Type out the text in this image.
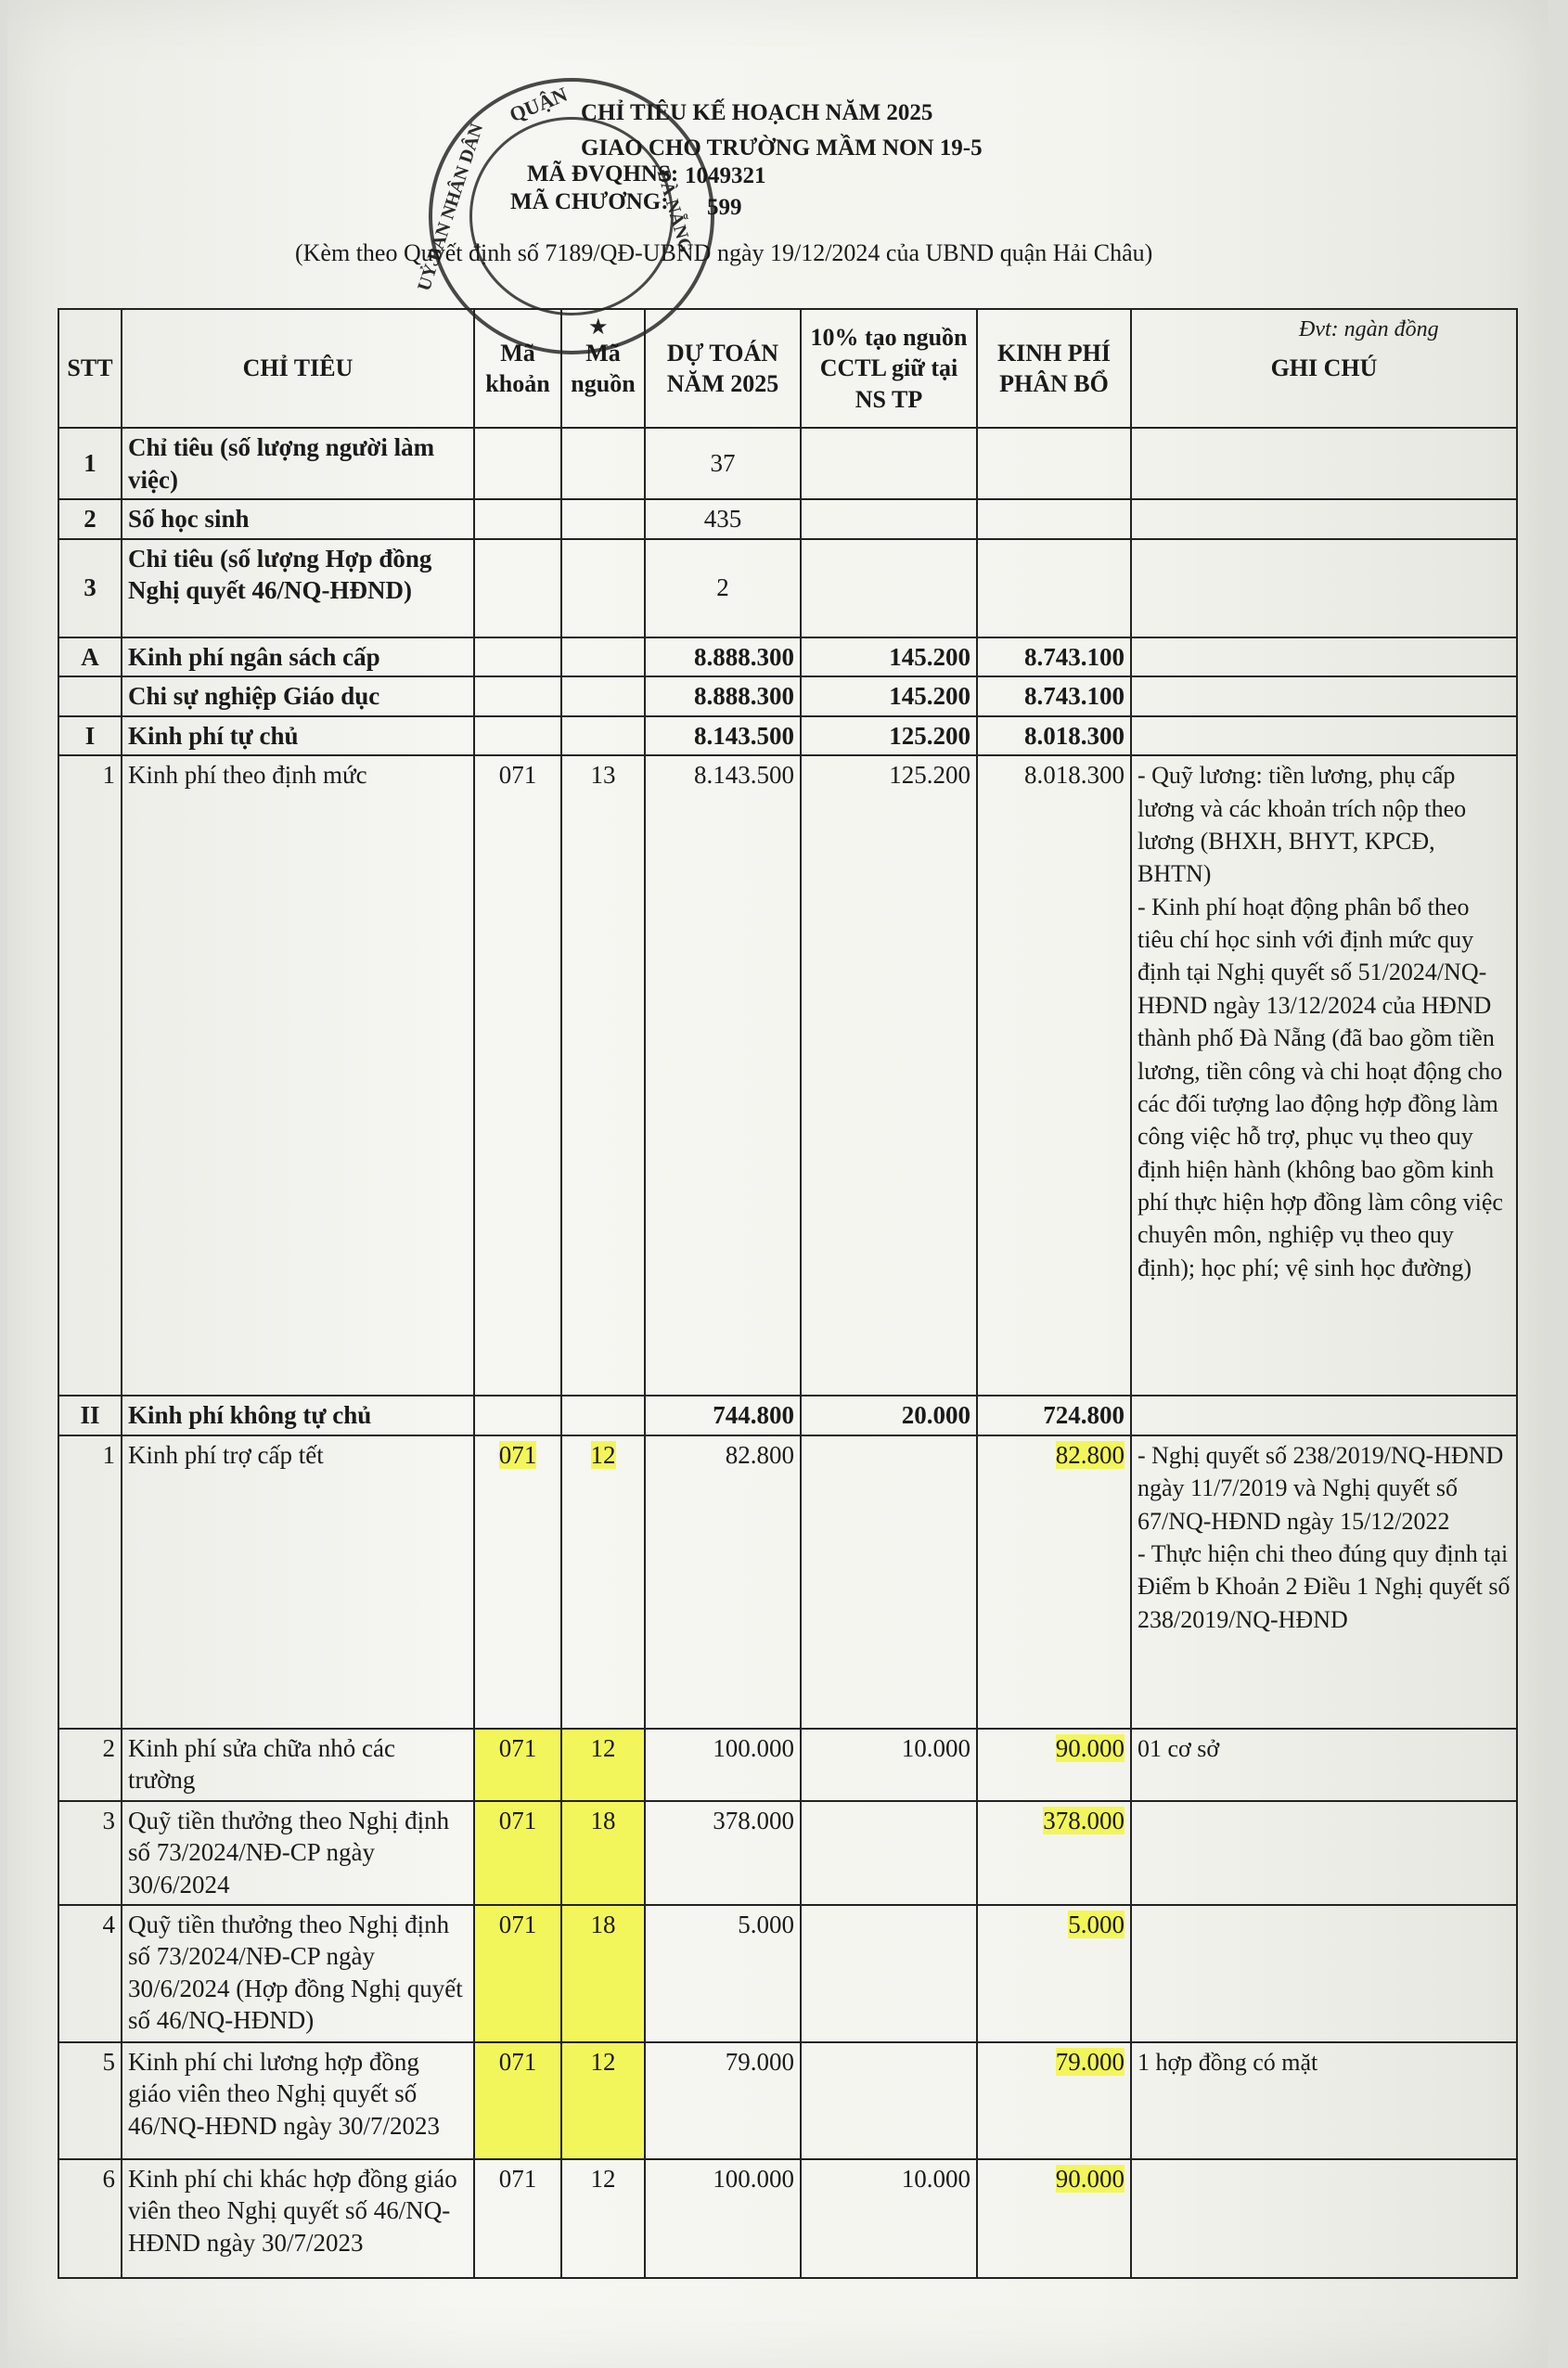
QUẬN
UỶ BAN NHÂN DÂN	ĐÀ NẴNG
★
CHỈ TIÊU KẾ HOẠCH NĂM 2025
GIAO CHO TRƯỜNG MẦM NON 19-5
MÃ ĐVQHNS: 1049321
MÃ CHƯƠNG: 599
(Kèm theo Quyết định số 7189/QĐ-UBND ngày 19/12/2024 của UBND quận Hải Châu)
Đvt: ngàn đồng
STT	CHỈ TIÊU	Mã khoản	Mã nguồn	DỰ TOÁN NĂM 2025	10% tạo nguồn CCTL giữ tại NS TP	KINH PHÍ PHÂN BỔ	GHI CHÚ
1	Chỉ tiêu (số lượng người làm việc)			37			
2	Số học sinh			435			
3	Chỉ tiêu (số lượng Hợp đồng Nghị quyết 46/NQ-HĐND)			2			
A	Kinh phí ngân sách cấp			8.888.300	145.200	8.743.100	
	Chi sự nghiệp Giáo dục			8.888.300	145.200	8.743.100	
I	Kinh phí tự chủ			8.143.500	125.200	8.018.300	
1	Kinh phí theo định mức	071	13	8.143.500	125.200	8.018.300	- Quỹ lương: tiền lương, phụ cấp lương và các khoản trích nộp theo lương (BHXH, BHYT, KPCĐ, BHTN)
- Kinh phí hoạt động phân bổ theo tiêu chí học sinh với định mức quy định tại Nghị quyết số 51/2024/NQ-HĐND ngày 13/12/2024 của HĐND thành phố Đà Nẵng (đã bao gồm tiền lương, tiền công và chi hoạt động cho các đối tượng lao động hợp đồng làm công việc hỗ trợ, phục vụ theo quy định hiện hành (không bao gồm kinh phí thực hiện hợp đồng làm công việc chuyên môn, nghiệp vụ theo quy định); học phí; vệ sinh học đường)
II	Kinh phí không tự chủ			744.800	20.000	724.800	
1	Kinh phí trợ cấp tết	071	12	82.800		82.800	- Nghị quyết số 238/2019/NQ-HĐND ngày 11/7/2019 và Nghị quyết số 67/NQ-HĐND ngày 15/12/2022
- Thực hiện chi theo đúng quy định tại Điểm b Khoản 2 Điều 1 Nghị quyết số 238/2019/NQ-HĐND
2	Kinh phí sửa chữa nhỏ các trường	071	12	100.000	10.000	90.000	01 cơ sở
3	Quỹ tiền thưởng theo Nghị định số 73/2024/NĐ-CP ngày 30/6/2024	071	18	378.000		378.000	
4	Quỹ tiền thưởng theo Nghị định số 73/2024/NĐ-CP ngày 30/6/2024 (Hợp đồng Nghị quyết số 46/NQ-HĐND)	071	18	5.000		5.000	
5	Kinh phí chi lương hợp đồng giáo viên theo Nghị quyết số 46/NQ-HĐND ngày 30/7/2023	071	12	79.000		79.000	1 hợp đồng có mặt
6	Kinh phí chi khác hợp đồng giáo viên theo Nghị quyết số 46/NQ-HĐND ngày 30/7/2023	071	12	100.000	10.000	90.000	
